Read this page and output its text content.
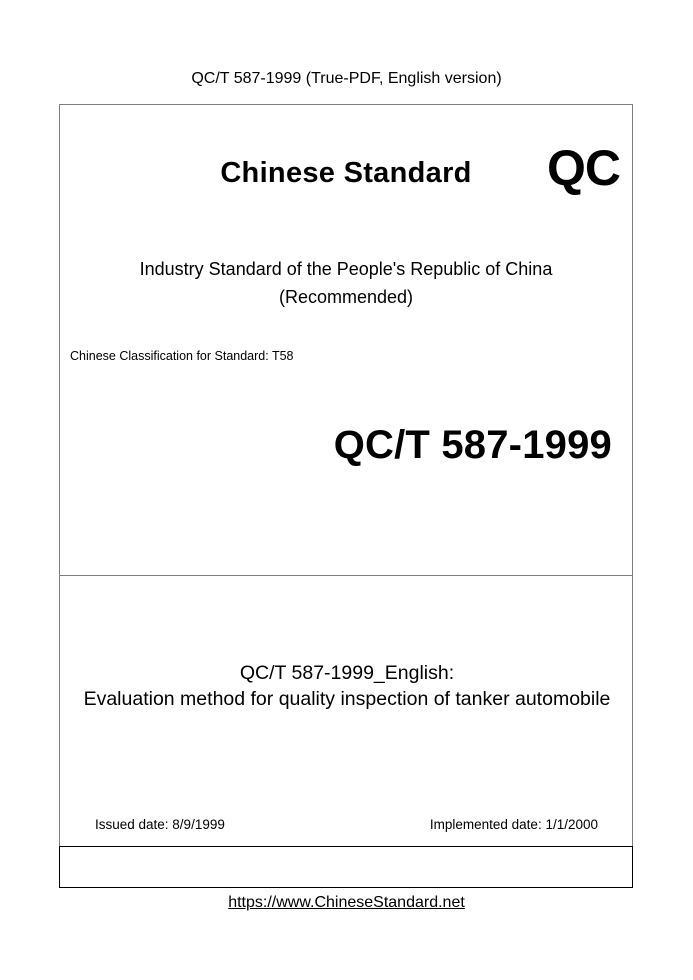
QC/T 587-1999 (True-PDF, English version)
Chinese Standard	QC
Industry Standard of the People's Republic of China
(Recommended)
Chinese Classification for Standard: T58
QC/T 587-1999
QC/T 587-1999_English:
Evaluation method for quality inspection of tanker automobile
Issued date: 8/9/1999	Implemented date: 1/1/2000
https://www.ChineseStandard.net
